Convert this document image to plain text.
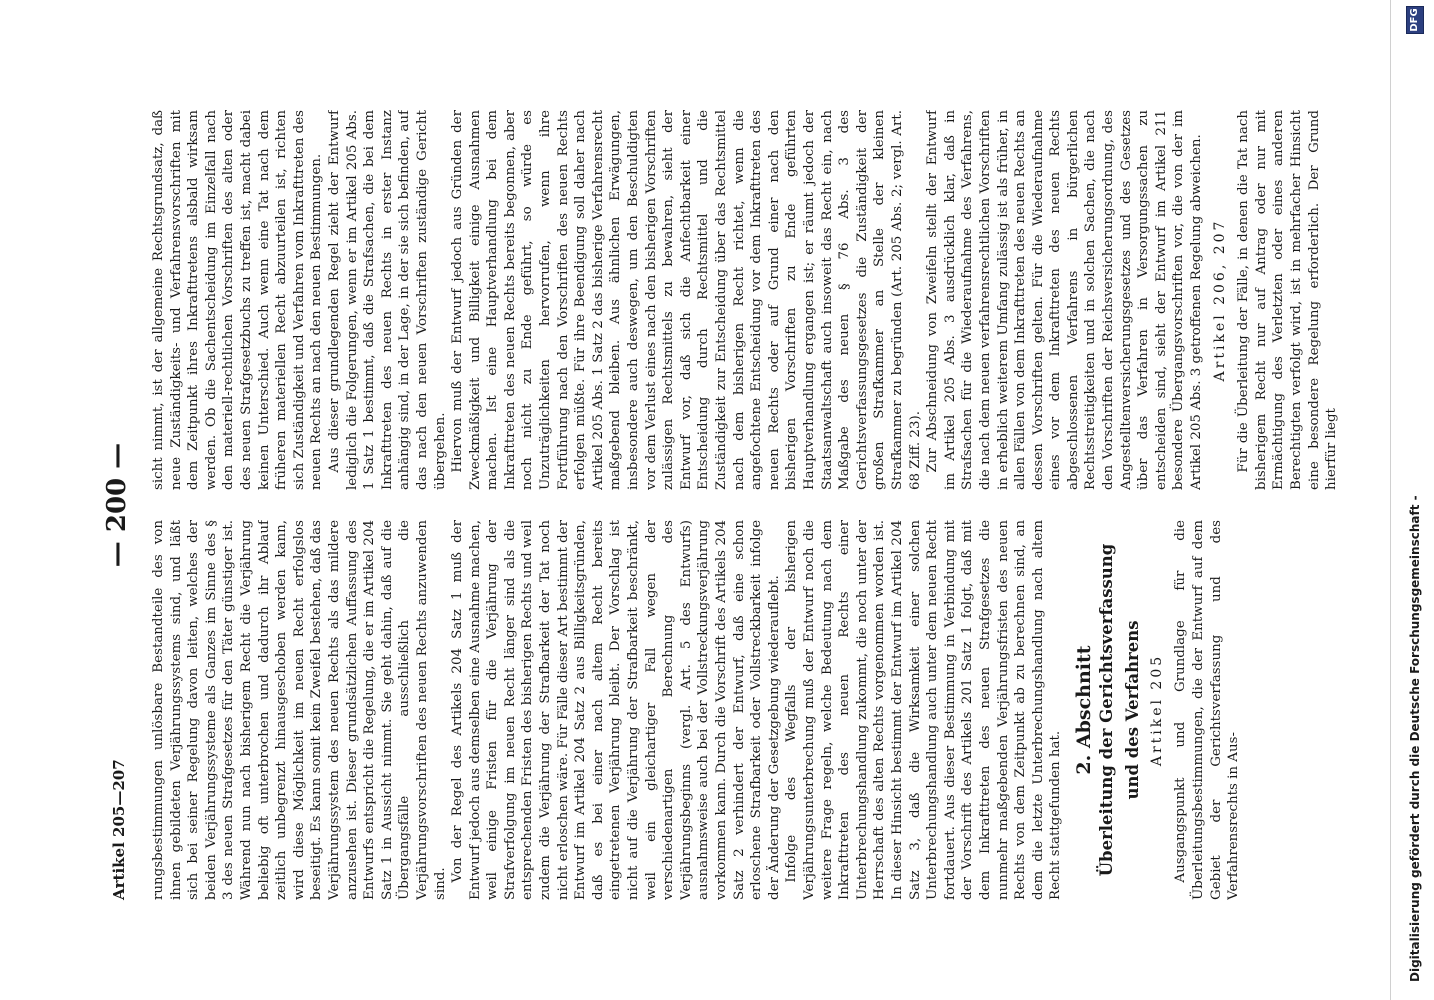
Artikel 205—207
— 200 —

rungsbestimmungen unlösbare Bestandteile des von ihnen gebildeten Verjährungssystems sind, und läßt sich bei seiner Regelung davon leiten, welches der beiden Verjährungssysteme als Ganzes im Sinne des § 3 des neuen Strafgesetzes für den Täter günstiger ist. Während nun nach bisherigem Recht die Verjährung beliebig oft unterbrochen und dadurch ihr Ablauf zeitlich unbegrenzt hinausgeschoben werden kann, wird diese Möglichkeit im neuen Recht erfolgslos beseitigt. Es kann somit kein Zweifel bestehen, daß das Verjährungssystem des neuen Rechts als das mildere anzusehen ist. Dieser grundsätzlichen Auffassung des Entwurfs entspricht die Regelung, die er im Artikel 204 Satz 1 in Aussicht nimmt. Sie geht dahin, daß auf die Übergangsfälle ausschließlich die Verjährungsvorschriften des neuen Rechts anzuwenden sind.

Von der Regel des Artikels 204 Satz 1 muß der Entwurf jedoch aus demselben eine Ausnahme machen, weil einige Fristen für die Verjährung der Strafverfolgung im neuen Recht länger sind als die entsprechenden Fristen des bisherigen Rechts und weil zudem die Verjährung der Strafbarkeit der Tat noch nicht erloschen wäre. Für Fälle dieser Art bestimmt der Entwurf im Artikel 204 Satz 2 aus Billigkeitsgründen, daß es bei einer nach altem Recht bereits eingetretenen Verjährung bleibt. Der Vorschlag ist nicht auf die Verjährung der Strafbarkeit beschränkt, weil ein gleichartiger Fall wegen der verschiedenartigen Berechnung des Verjährungsbeginns (vergl. Art. 5 des Entwurfs) ausnahmsweise auch bei der Vollstreckungsverjährung vorkommen kann. Durch die Vorschrift des Artikels 204 Satz 2 verhindert der Entwurf, daß eine schon erloschene Strafbarkeit oder Vollstreckbarkeit infolge der Änderung der Gesetzgebung wiederauflebt. Infolge des Wegfalls der bisherigen Verjährungsunterbrechung muß der Entwurf noch die weitere Frage regeln, welche Bedeutung nach dem Inkrafttreten des neuen Rechts einer Unterbrechungshandlung zukommt, die noch unter der Herrschaft des alten Rechts vorgenommen worden ist. In dieser Hinsicht bestimmt der Entwurf im Artikel 204 Satz 3, daß die Wirksamkeit einer solchen Unterbrechungshandlung auch unter dem neuen Recht fortdauert. Aus dieser Bestimmung in Verbindung mit der Vorschrift des Artikels 201 Satz 1 folgt, daß mit dem Inkrafttreten des neuen Strafgesetzes die nunmehr maßgebenden Verjährungsfristen des neuen Rechts von dem Zeitpunkt ab zu berechnen sind, an dem die letzte Unterbrechungshandlung nach altem Recht stattgefunden hat.

2. Abschnitt Überleitung der Gerichtsverfassung und des Verfahrens Artikel 205 Ausgangspunkt und Grundlage für die Überleitungsbestimmungen, die der Entwurf auf dem Gebiet der Gerichtsverfassung und des Verfahrensrechts in Aus-

sicht nimmt, ist der allgemeine Rechtsgrundsatz, daß neue Zuständigkeits- und Verfahrensvorschriften mit dem Zeitpunkt ihres Inkrafttretens alsbald wirksam werden. Ob die Sachentscheidung im Einzelfall nach den materiell-rechtlichen Vorschriften des alten oder des neuen Strafgesetzbuchs zu treffen ist, macht dabei keinen Unterschied. Auch wenn eine Tat nach dem früheren materiellen Recht abzuurteilen ist, richten sich Zuständigkeit und Verfahren vom Inkrafttreten des neuen Rechts an nach den neuen Bestimmungen. Aus dieser grundlegenden Regel zieht der Entwurf lediglich die Folgerungen, wenn er im Artikel 205 Abs. 1 Satz 1 bestimmt, daß die Strafsachen, die bei dem Inkrafttreten des neuen Rechts in erster Instanz anhängig sind, in der Lage, in der sie sich befinden, auf das nach den neuen Vorschriften zuständige Gericht übergehen. Hiervon muß der Entwurf jedoch aus Gründen der Zweckmäßigkeit und Billigkeit einige Ausnahmen machen. Ist eine Hauptverhandlung bei dem Inkrafttreten des neuen Rechts bereits begonnen, aber noch nicht zu Ende geführt, so würde es Unzuträglichkeiten hervorrufen, wenn ihre Fortführung nach den Vorschriften des neuen Rechts erfolgen müßte. Für ihre Beendigung soll daher nach Artikel 205 Abs. 1 Satz 2 das bisherige Verfahrensrecht maßgebend bleiben. Aus ähnlichen Erwägungen, insbesondere auch deswegen, um den Beschuldigten vor dem Verlust eines nach den bisherigen Vorschriften zulässigen Rechtsmittels zu bewahren, sieht der Entwurf vor, daß sich die Anfechtbarkeit einer Entscheidung durch Rechtsmittel und die Zuständigkeit zur Entscheidung über das Rechtsmittel nach dem bisherigen Recht richtet, wenn die angefochtene Entscheidung vor dem Inkrafttreten des neuen Rechts oder auf Grund einer nach den bisherigen Vorschriften zu Ende geführten Hauptverhandlung ergangen ist; er räumt jedoch der Staatsanwaltschaft auch insoweit das Recht ein, nach Maßgabe des neuen § 76 Abs. 3 des Gerichtsverfassungsgesetzes die Zuständigkeit der großen Strafkammer an Stelle der kleinen Strafkammer zu begründen (Art. 205 Abs. 2; vergl. Art. 68 Ziff. 23). Zur Abschneidung von Zweifeln stellt der Entwurf im Artikel 205 Abs. 3 ausdrücklich klar, daß in Strafsachen für die Wiederaufnahme des Verfahrens, die nach dem neuen verfahrensrechtlichen Vorschriften in erheblich weiterem Umfang zulässig ist als früher, in allen Fällen von dem Inkrafttreten des neuen Rechts an dessen Vorschriften gelten. Für die Wiederaufnahme eines vor dem Inkrafttreten des neuen Rechts abgeschlossenen Verfahrens in bürgerlichen Rechtsstreitigkeiten und in solchen Sachen, die nach den Vorschriften der Reichsversicherungsordnung, des Angestelltenversicherungsgesetzes und des Gesetzes über das Verfahren in Versorgungssachen zu entscheiden sind, sieht der Entwurf im Artikel 211 besondere Übergangsvorschriften vor, die von der im Artikel 205 Abs. 3 getroffenen Regelung abweichen. Artikel 206, 207 Für die Überleitung der Fälle, in denen die Tat nach bisherigem Recht nur auf Antrag oder nur mit Ermächtigung des Verletzten oder eines anderen Berechtigten verfolgt wird, ist in mehrfacher Hinsicht eine besondere Regelung erforderlich. Der Grund hierfür liegt

Digitalisierung gefördert durch die Deutsche Forschungsgemeinschaft -
DFG
